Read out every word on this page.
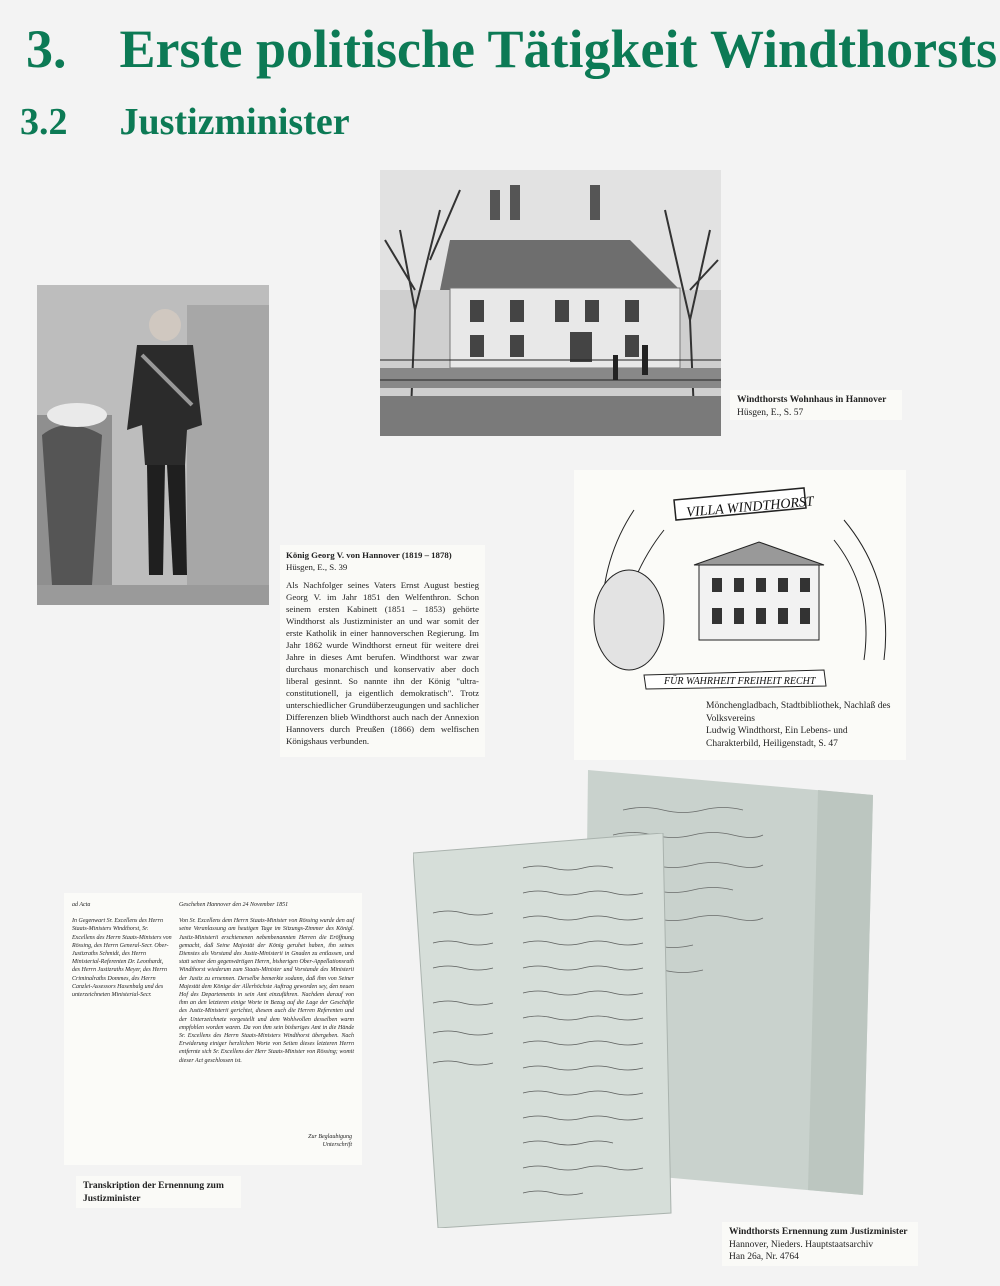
3. Erste politische Tätigkeit Windthorsts
3.2 Justizminister
Windthorsts Wohnhaus in Hannover
Hüsgen, E., S. 57
König Georg V. von Hannover (1819 – 1878)
Hüsgen, E., S. 39
Als Nachfolger seines Vaters Ernst August bestieg Georg V. im Jahr 1851 den Welfenthron. Schon seinem ersten Kabinett (1851 – 1853) gehörte Windthorst als Justizminister an und war somit der erste Katholik in einer hannoverschen Regierung. Im Jahr 1862 wurde Windthorst erneut für weitere drei Jahre in dieses Amt berufen. Windthorst war zwar durchaus monarchisch und konservativ aber doch liberal gesinnt. So nannte ihn der König "ultra-constitutionell, ja eigentlich demokratisch". Trotz unterschiedlicher Grundüberzeugungen und sachlicher Differenzen blieb Windthorst auch nach der Annexion Hannovers durch Preußen (1866) dem welfischen Königshaus verbunden.
VILLA WINDTHORST
FÜR WAHRHEIT FREIHEIT RECHT
Mönchengladbach, Stadtbibliothek, Nachlaß des Volksvereins
Ludwig Windthorst, Ein Lebens- und Charakterbild, Heiligenstadt, S. 47
ad Acta
In Gegenwart Sr. Excellens des Herrn Staats-Ministers Windthorst, Sr. Excellens des Herrn Staats-Ministers von Rössing, des Herrn General-Secr. Ober-Justizraths Schmidt, des Herrn Ministerial-Referenten Dr. Leonhardt, des Herrn Justizraths Meyer, des Herrn Criminalraths Dommes, des Herrn Canzlei-Assessors Hasenbalg und des unterzeichneten Ministerial-Secr.
Geschehen Hannover den 24 November 1851
Von Sr. Excellens dem Herrn Staats-Minister von Rössing wurde den auf seine Veranlassung am heutigen Tage im Sitzungs-Zimmer des Königl. Justiz-Ministerii erschienenen nebenbenannten Herren die Eröffnung gemacht, daß Seine Majestät der König geruhet haben, ihn seines Dienstes als Vorstand des Justiz-Ministerii in Gnaden zu entlassen, und statt seiner den gegenwärtigen Herrn, bisherigen Ober-Appellationsrath Windthorst wiederum zum Staats-Minister und Vorstande des Ministerii der Justiz zu ernennen. Derselbe bemerkte sodann, daß ihm von Seiner Majestät dem Könige der Allerhöchste Auftrag geworden sey, den neuen Hof des Departements in sein Amt einzuführen. Nachdem darauf von ihm an den letzteren einige Worte in Bezug auf die Lage der Geschäfte des Justiz-Ministerii gerichtet, diesem auch die Herren Referenten und der Unterzeichnete vorgestellt und dem Wohlwollen desselben warm empfohlen worden waren. Da von ihm sein bisheriges Amt in die Hände Sr. Excellens des Herrn Staats-Ministers Windthorst übergeben. Nach Erwiderung einiger herzlichen Worte von Seiten dieses letzteren Herrn entfernte sich Sr. Excellens der Herr Staats-Minister von Rössing; womit dieser Act geschlossen ist.
Zur Beglaubigung
Unterschrift
Transkription der Ernennung zum Justizminister
Windthorsts Ernennung zum Justizminister
Hannover, Nieders. Hauptstaatsarchiv
Han 26a, Nr. 4764
